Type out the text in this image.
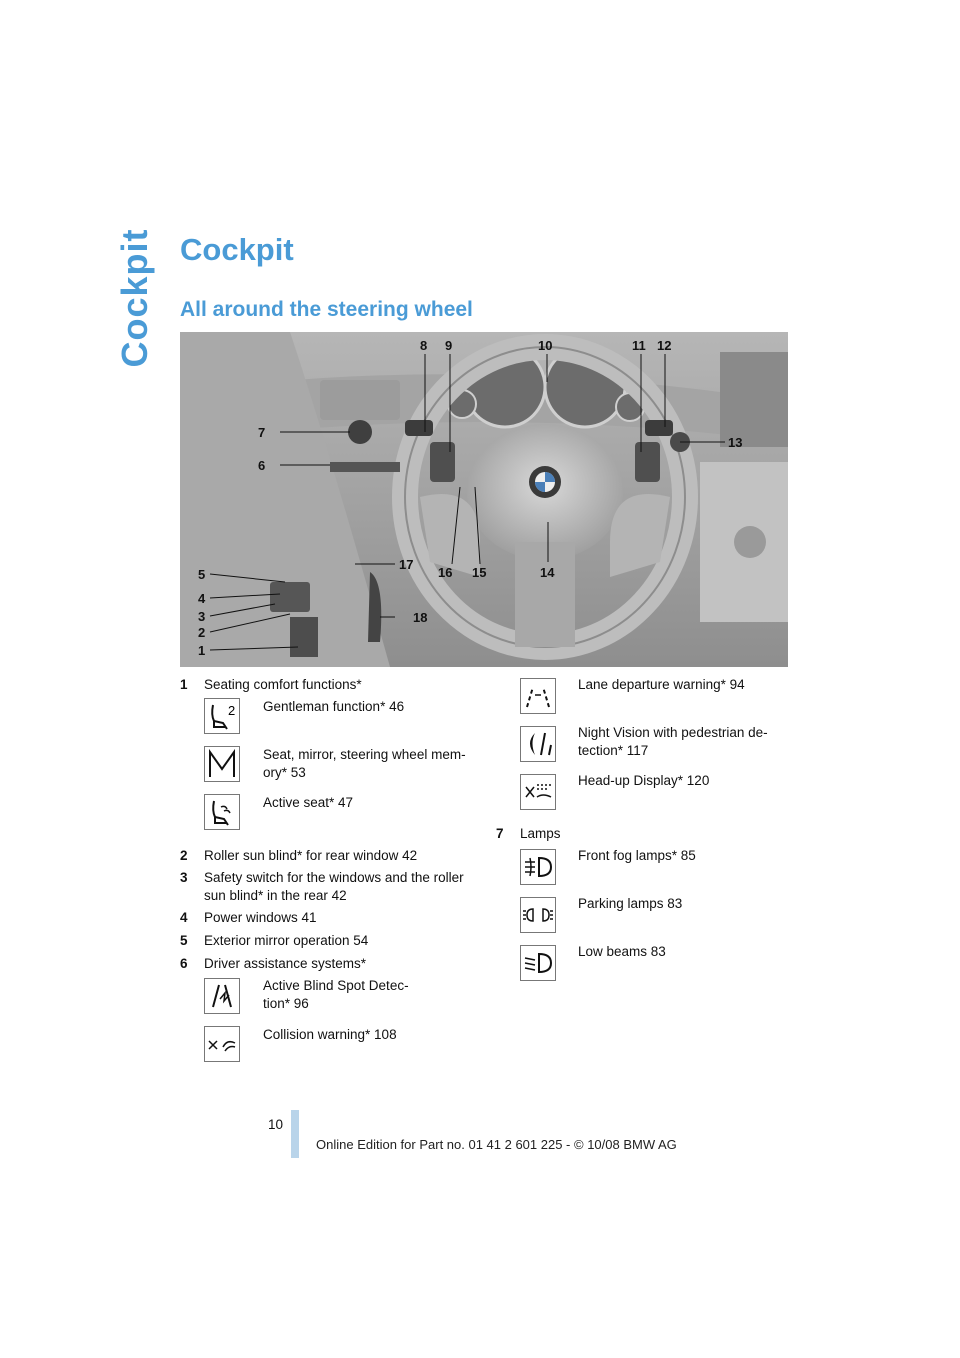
Cockpit Cockpit
All around the steering wheel
8 9	10	11 12
13
7
6
14
15
16
17
18
5
4
3
2
1
1 Seating comfort functions*
2 Gentleman function* 46
Seat, mirror, steering wheel mem-
ory* 53
Active seat* 47
2 Roller sun blind* for rear window 42
3 Safety switch for the windows and the roller
sun blind* in the rear 42
4 Power windows 41
5 Exterior mirror operation 54
6 Driver assistance systems*
Active Blind Spot Detec-
tion* 96
Collision warning* 108
Lane departure warning* 94
Night Vision with pedestrian de-
tection* 117
Head-up Display* 120
7 Lamps
Front fog lamps* 85
Parking lamps 83
Low beams 83
10
Online Edition for Part no. 01 41 2 601 225 - © 10/08 BMW AG
